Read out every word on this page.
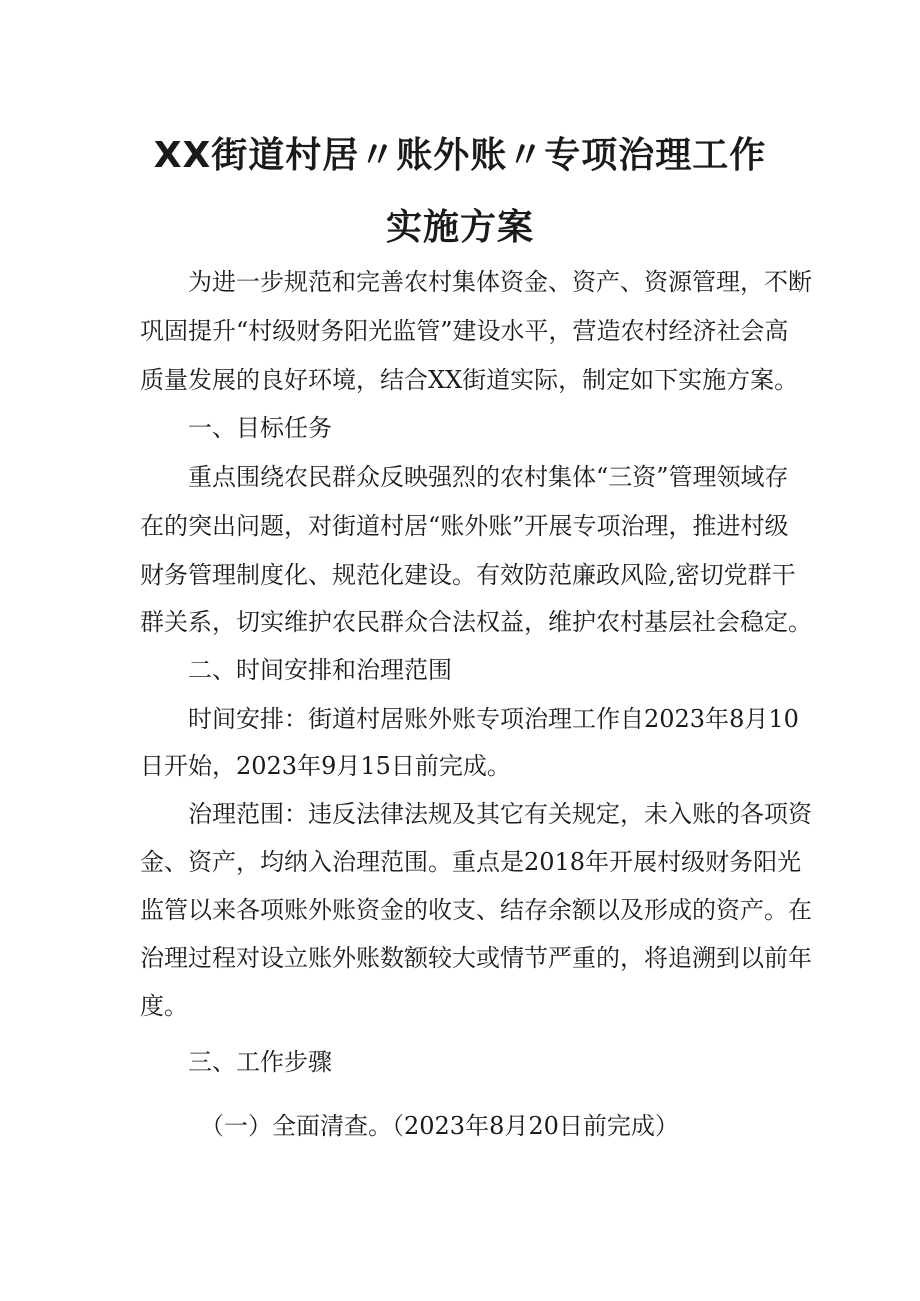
XX街道村居〃账外账〃专项治理工作
实施方案
为进一步规范和完善农村集体资金、资产、资源管理，不断
巩固提升“村级财务阳光监管”建设水平，营造农村经济社会高
质量发展的良好环境，结合XX街道实际，制定如下实施方案。
一、目标任务
重点围绕农民群众反映强烈的农村集体“三资”管理领域存
在的突出问题，对街道村居“账外账”开展专项治理，推进村级
财务管理制度化、规范化建设。有效防范廉政风险,密切党群干
群关系，切实维护农民群众合法权益，维护农村基层社会稳定。
二、时间安排和治理范围
时间安排：街道村居账外账专项治理工作自2023年8月10
日开始，2023年9月15日前完成。
治理范围：违反法律法规及其它有关规定，未入账的各项资
金、资产，均纳入治理范围。重点是2018年开展村级财务阳光
监管以来各项账外账资金的收支、结存余额以及形成的资产。在
治理过程对设立账外账数额较大或情节严重的，将追溯到以前年
度。
三、工作步骤
（一）全面清查。（2023年8月20日前完成）
